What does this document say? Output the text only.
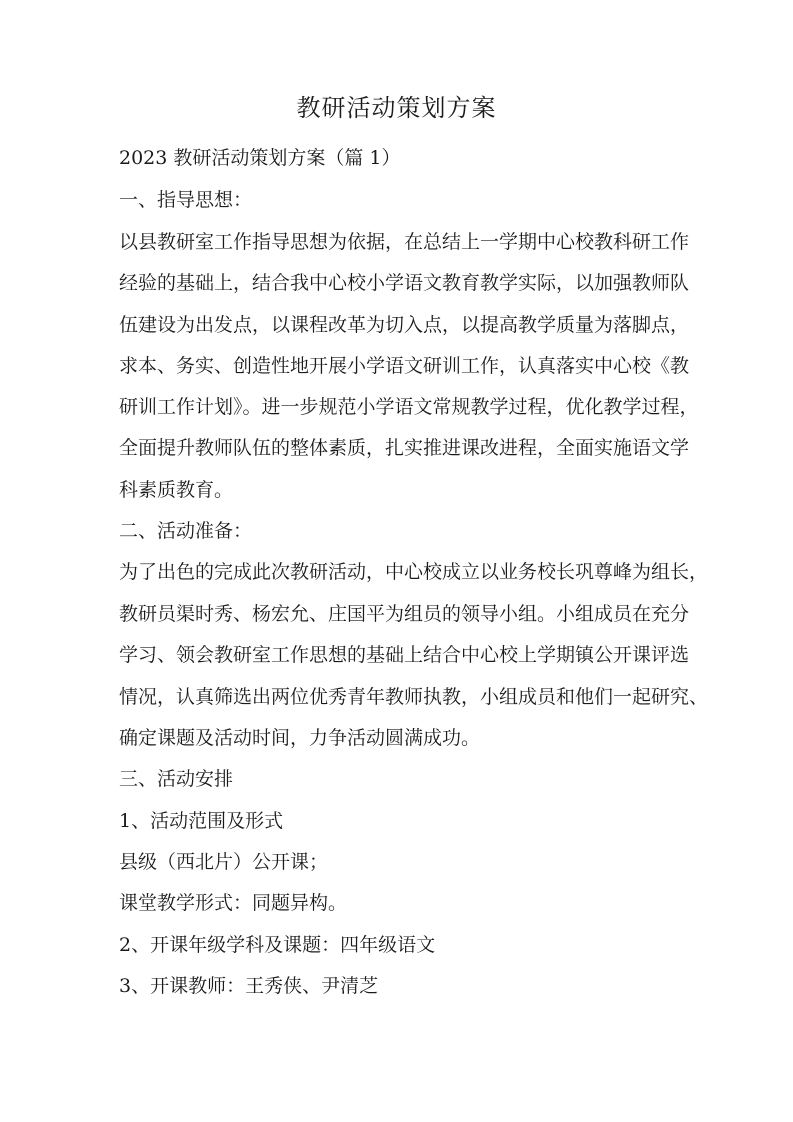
教研活动策划方案

2023 教研活动策划方案（篇 1）

一、指导思想：

以县教研室工作指导思想为依据，在总结上一学期中心校教科研工作

经验的基础上，结合我中心校小学语文教育教学实际，以加强教师队

伍建设为出发点，以课程改革为切入点，以提高教学质量为落脚点，

求本、务实、创造性地开展小学语文研训工作，认真落实中心校《教

研训工作计划》。进一步规范小学语文常规教学过程，优化教学过程，

全面提升教师队伍的整体素质，扎实推进课改进程，全面实施语文学

科素质教育。

二、活动准备：

为了出色的完成此次教研活动，中心校成立以业务校长巩尊峰为组长，

教研员渠时秀、杨宏允、庄国平为组员的领导小组。小组成员在充分

学习、领会教研室工作思想的基础上结合中心校上学期镇公开课评选

情况，认真筛选出两位优秀青年教师执教，小组成员和他们一起研究、

确定课题及活动时间，力争活动圆满成功。

三、活动安排

1、活动范围及形式

县级（西北片）公开课；

课堂教学形式：同题异构。

2、开课年级学科及课题：四年级语文

3、开课教师：王秀侠、尹清芝
